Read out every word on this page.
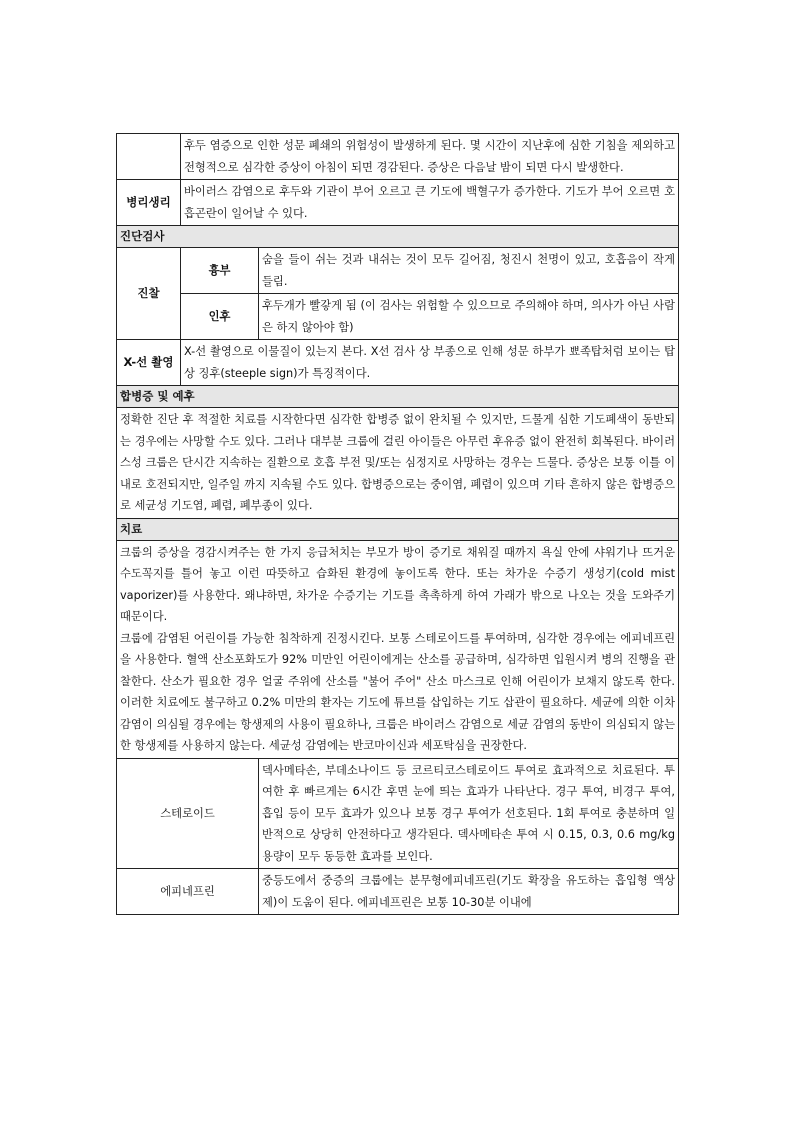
	후두 염증으로 인한 성문 폐쇄의 위험성이 발생하게 된다. 몇 시간이 지난후에 심한 기침을 제외하고 전형적으로 심각한 증상이 아침이 되면 경감된다. 증상은 다음날 밤이 되면 다시 발생한다.	
병리생리	바이러스 감염으로 후두와 기관이 부어 오르고 큰 기도에 백혈구가 증가한다. 기도가 부어 오르면 호흡곤란이 일어날 수 있다.	
진단검사		
진찰	흉부	숨을 들이 쉬는 것과 내쉬는 것이 모두 길어짐, 청진시 천명이 있고, 호흡음이 작게 들림.
	인후	후두개가 빨갛게 됨 (이 검사는 위험할 수 있으므로 주의해야 하며, 의사가 아닌 사람은 하지 않아야 함)
X-선 촬영	X-선 촬영으로 이물질이 있는지 본다. X선 검사 상 부종으로 인해 성문 하부가 뾰족탑처럼 보이는 탑상 징후(steeple sign)가 특징적이다.	
합병증 및 예후		
정확한 진단 후 적절한 치료를 시작한다면 심각한 합병증 없이 완치될 수 있지만, 드물게 심한 기도폐색이 동반되는 경우에는 사망할 수도 있다. 그러나 대부분 크룹에 걸린 아이들은 아무런 후유증 없이 완전히 회복된다. 바이러스성 크룹은 단시간 지속하는 질환으로 호흡 부전 및/또는 심정지로 사망하는 경우는 드물다. 증상은 보통 이틀 이내로 호전되지만, 일주일 까지 지속될 수도 있다. 합병증으로는 중이염, 폐렴이 있으며 기타 흔하지 않은 합병증으로 세균성 기도염, 폐렴, 폐부종이 있다.		
치료		

크룹의 증상을 경감시켜주는 한 가지 응급처치는 부모가 방이 증기로 채워질 때까지 욕실 안에 샤워기나 뜨거운 수도꼭지를 틀어 놓고 이런 따뜻하고 습화된 환경에 놓이도록 한다. 또는 차가운 수증기 생성기(cold mist vaporizer)를 사용한다. 왜냐하면, 차가운 수증기는 기도를 촉촉하게 하여 가래가 밖으로 나오는 것을 도와주기 때문이다.

크룹에 감염된 어린이를 가능한 침착하게 진정시킨다. 보통 스테로이드를 투여하며, 심각한 경우에는 에피네프린을 사용한다. 혈액 산소포화도가 92% 미만인 어린이에게는 산소를 공급하며, 심각하면 입원시켜 병의 진행을 관찰한다. 산소가 필요한 경우 얼굴 주위에 산소를 "불어 주어" 산소 마스크로 인해 어린이가 보채지 않도록 한다. 이러한 치료에도 불구하고 0.2% 미만의 환자는 기도에 튜브를 삽입하는 기도 삽관이 필요하다. 세균에 의한 이차감염이 의심될 경우에는 항생제의 사용이 필요하나, 크룹은 바이러스 감염으로 세균 감염의 동반이 의심되지 않는 한 항생제를 사용하지 않는다. 세균성 감염에는 반코마이신과 세포탁심을 권장한다.		

스테로이드		덱사메타손, 부데소나이드 등 코르티코스테로이드 투여로 효과적으로 치료된다. 투여한 후 빠르게는 6시간 후면 눈에 띄는 효과가 나타난다. 경구 투여, 비경구 투여, 흡입 등이 모두 효과가 있으나 보통 경구 투여가 선호된다. 1회 투여로 충분하며 일반적으로 상당히 안전하다고 생각된다. 덱사메타손 투여 시 0.15, 0.3, 0.6 mg/kg 용량이 모두 동등한 효과를 보인다.
에피네프린		중등도에서 중증의 크룹에는 분무형에피네프린(기도 확장을 유도하는 흡입형 액상제)이 도움이 된다. 에피네프린은 보통 10-30분 이내에
